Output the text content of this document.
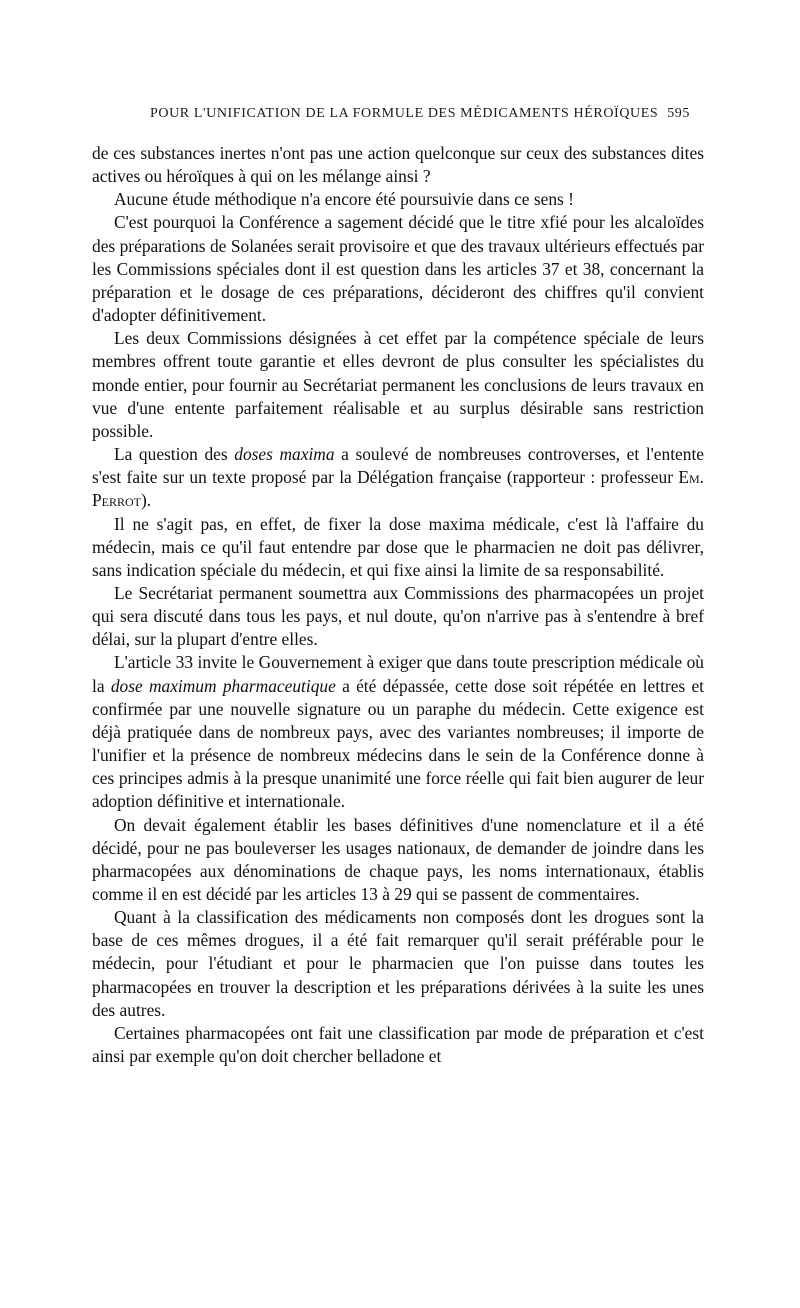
POUR L'UNIFICATION DE LA FORMULE DES MÉDICAMENTS HÉROÏQUES 595

de ces substances inertes n'ont pas une action quelconque sur ceux des substances dites actives ou héroïques à qui on les mélange ainsi ?

Aucune étude méthodique n'a encore été poursuivie dans ce sens !

C'est pourquoi la Conférence a sagement décidé que le titre xfié pour les alcaloïdes des préparations de Solanées serait provisoire et que des travaux ultérieurs effectués par les Commissions spéciales dont il est question dans les articles 37 et 38, concernant la préparation et le dosage de ces préparations, décideront des chiffres qu'il convient d'adopter définitivement.

Les deux Commissions désignées à cet effet par la compétence spéciale de leurs membres offrent toute garantie et elles devront de plus consulter les spécialistes du monde entier, pour fournir au Secrétariat permanent les conclusions de leurs travaux en vue d'une entente parfaitement réalisable et au surplus désirable sans restriction possible.

La question des doses maxima a soulevé de nombreuses controverses, et l'entente s'est faite sur un texte proposé par la Délégation française (rapporteur : professeur Em. Perrot).

Il ne s'agit pas, en effet, de fixer la dose maxima médicale, c'est là l'affaire du médecin, mais ce qu'il faut entendre par dose que le pharmacien ne doit pas délivrer, sans indication spéciale du médecin, et qui fixe ainsi la limite de sa responsabilité.

Le Secrétariat permanent soumettra aux Commissions des pharmacopées un projet qui sera discuté dans tous les pays, et nul doute, qu'on n'arrive pas à s'entendre à bref délai, sur la plupart d'entre elles.

L'article 33 invite le Gouvernement à exiger que dans toute prescription médicale où la dose maximum pharmaceutique a été dépassée, cette dose soit répétée en lettres et confirmée par une nouvelle signature ou un paraphe du médecin. Cette exigence est déjà pratiquée dans de nombreux pays, avec des variantes nombreuses; il importe de l'unifier et la présence de nombreux médecins dans le sein de la Conférence donne à ces principes admis à la presque unanimité une force réelle qui fait bien augurer de leur adoption définitive et internationale.

On devait également établir les bases définitives d'une nomenclature et il a été décidé, pour ne pas bouleverser les usages nationaux, de demander de joindre dans les pharmacopées aux dénominations de chaque pays, les noms internationaux, établis comme il en est décidé par les articles 13 à 29 qui se passent de commentaires.

Quant à la classification des médicaments non composés dont les drogues sont la base de ces mêmes drogues, il a été fait remarquer qu'il serait préférable pour le médecin, pour l'étudiant et pour le pharmacien que l'on puisse dans toutes les pharmacopées en trouver la description et les préparations dérivées à la suite les unes des autres.

Certaines pharmacopées ont fait une classification par mode de préparation et c'est ainsi par exemple qu'on doit chercher belladone et
